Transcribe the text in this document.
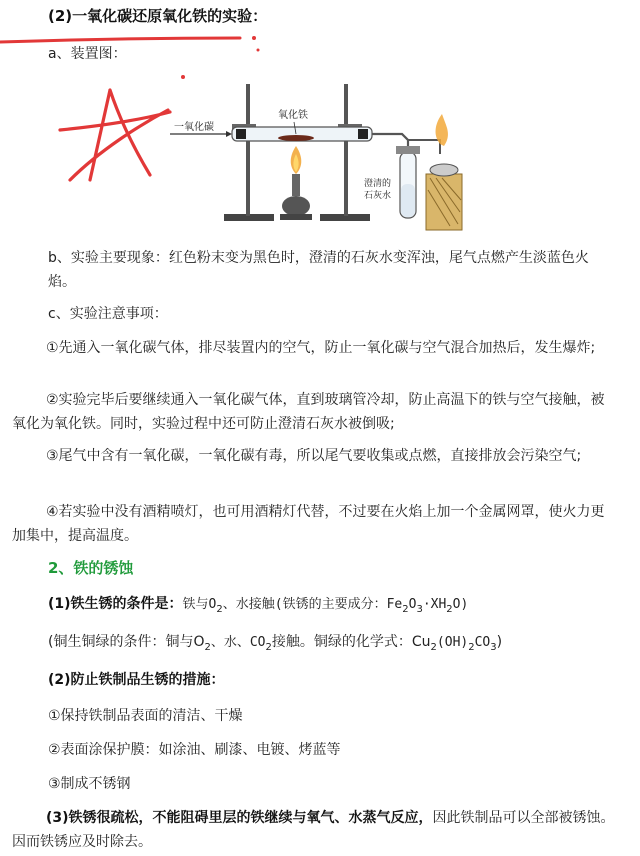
(2)一氧化碳还原氧化铁的实验：
a、装置图：
一氧化碳
氧化铁
澄清的
石灰水
b、实验主要现象：红色粉末变为黑色时，澄清的石灰水变浑浊，尾气点燃产生淡蓝色火焰。
c、实验注意事项：
①先通入一氧化碳气体，排尽装置内的空气，防止一氧化碳与空气混合加热后，发生爆炸;
②实验完毕后要继续通入一氧化碳气体，直到玻璃管冷却，防止高温下的铁与空气接触，被氧化为氧化铁。同时，实验过程中还可防止澄清石灰水被倒吸;
③尾气中含有一氧化碳，一氧化碳有毒，所以尾气要收集或点燃，直接排放会污染空气;
④若实验中没有酒精喷灯，也可用酒精灯代替，不过要在火焰上加一个金属网罩，使火力更加集中，提高温度。
2、铁的锈蚀
(1)铁生锈的条件是：铁与$O_2$、水接触(铁锈的主要成分：$Fe_2O_3\cdot XH_2O$)
(铜生铜绿的条件：铜与$O_2$、水、$CO_2$接触。铜绿的化学式：$Cu_2(OH)_2CO_3$)
(2)防止铁制品生锈的措施：
①保持铁制品表面的清洁、干燥
②表面涂保护膜：如涂油、刷漆、电镀、烤蓝等
③制成不锈钢
(3)铁锈很疏松，不能阻碍里层的铁继续与氧气、水蒸气反应，因此铁制品可以全部被锈蚀。因而铁锈应及时除去。
